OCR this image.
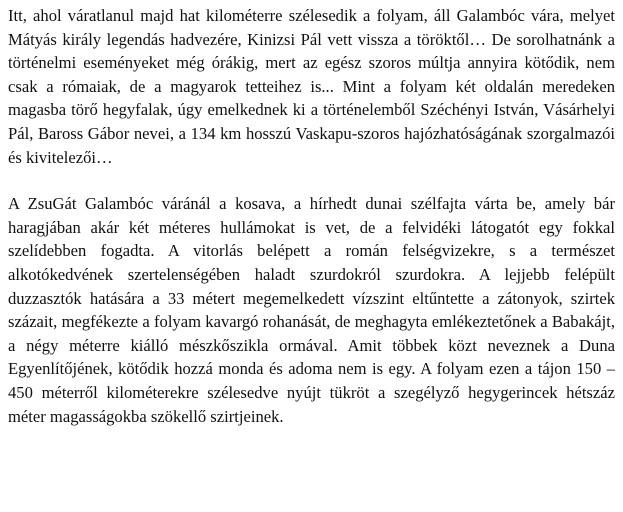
Itt, ahol váratlanul majd hat kilométerre szélesedik a folyam, áll Galambóc vára, melyet Mátyás király legendás hadvezére, Kinizsi Pál vett vissza a töröktől… De sorolhatnánk a történelmi eseményeket még órákig, mert az egész szoros múltja annyira kötődik, nem csak a rómaiak, de a magyarok tetteihez is... Mint a folyam két oldalán meredeken magasba törő hegyfalak, úgy emelkednek ki a történelemből Széchényi István, Vásárhelyi Pál, Baross Gábor nevei, a 134 km hosszú Vaskapu-szoros hajózhatóságának szorgalmazói és kivitelezői…

A ZsuGát Galambóc váránál a kosava, a hírhedt dunai szélfajta várta be, amely bár haragjában akár két méteres hullámokat is vet, de a felvidéki látogatót egy fokkal szelídebben fogadta. A vitorlás belépett a román felségvizekre, s a természet alkotókedvének szertelenségében haladt szurdokról szurdokra. A lejjebb felépült duzzasztók hatására a 33 métert megemelkedett vízszint eltűntette a zátonyok, szirtek százait, megfékezte a folyam kavargó rohanását, de meghagyta emlékeztetőnek a Babakájt, a négy méterre kiálló mészkőszikla ormával. Amit többek közt neveznek a Duna Egyenlítőjének, kötődik hozzá monda és adoma nem is egy. A folyam ezen a tájon 150 – 450 méterről kilométerekre szélesedve nyújt tükröt a szegélyző hegygerincek hétszáz méter magasságokba szökellő szirtjeinek.
